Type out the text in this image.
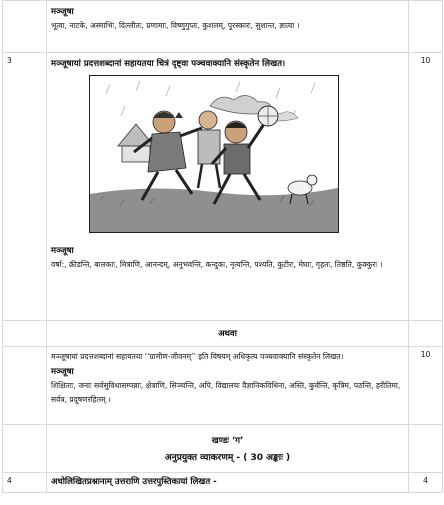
	मञ्जूषा
भूत्वा, नाटके, अस्माभिः, दिल्लीतः, प्रणामाः, विष्णुगुप्तः, कुशलम्, पुरस्कारः, सुशान्त, ज्ञात्वा ।	

3	मञ्जूषायां प्रदत्तशब्दानां सहायतया चित्रं दृष्ट्वा पञ्चवाक्यानि संस्कृतेन लिखत।
मञ्जूषा
वर्षा:, क्रीडन्ति, बालकाः, मित्राणि, आनन्दम्, अनुभवन्ति, कन्दुकः, नृत्यन्ति, पश्यति, कुटीरः, मेघाः, गृहतः, तिष्ठति, कुक्कुरः ।	10
	अथवा	

	मञ्जूषायां प्रदत्तशब्दानां सहायतया ‘‘ग्रामीण-जीवनम्’’ इति विषयम् अधिकृत्य पञ्चवाक्यानि संस्कृतेन लिखत।
मञ्जूषा
शिक्षिताः, जनाः सर्वसुविधासम्पन्नाः, क्षेत्राणि, सिञ्चन्ति, अपि, विद्यालयः वैज्ञानिकविधिना, अस्ति, कुर्वन्ति, कृत्रिम, पठन्ति, हरीतिमा, सर्वत्र, प्रदूषणरहितम् ।	10

	खण्डः ‘ग’
अनुप्रयुक्त व्याकरणम् - ( 30 अङ्काः )	

4	अधोलिखितप्रश्नानाम् उत्तराणि उत्तरपुस्तिकायां लिखत -	4
